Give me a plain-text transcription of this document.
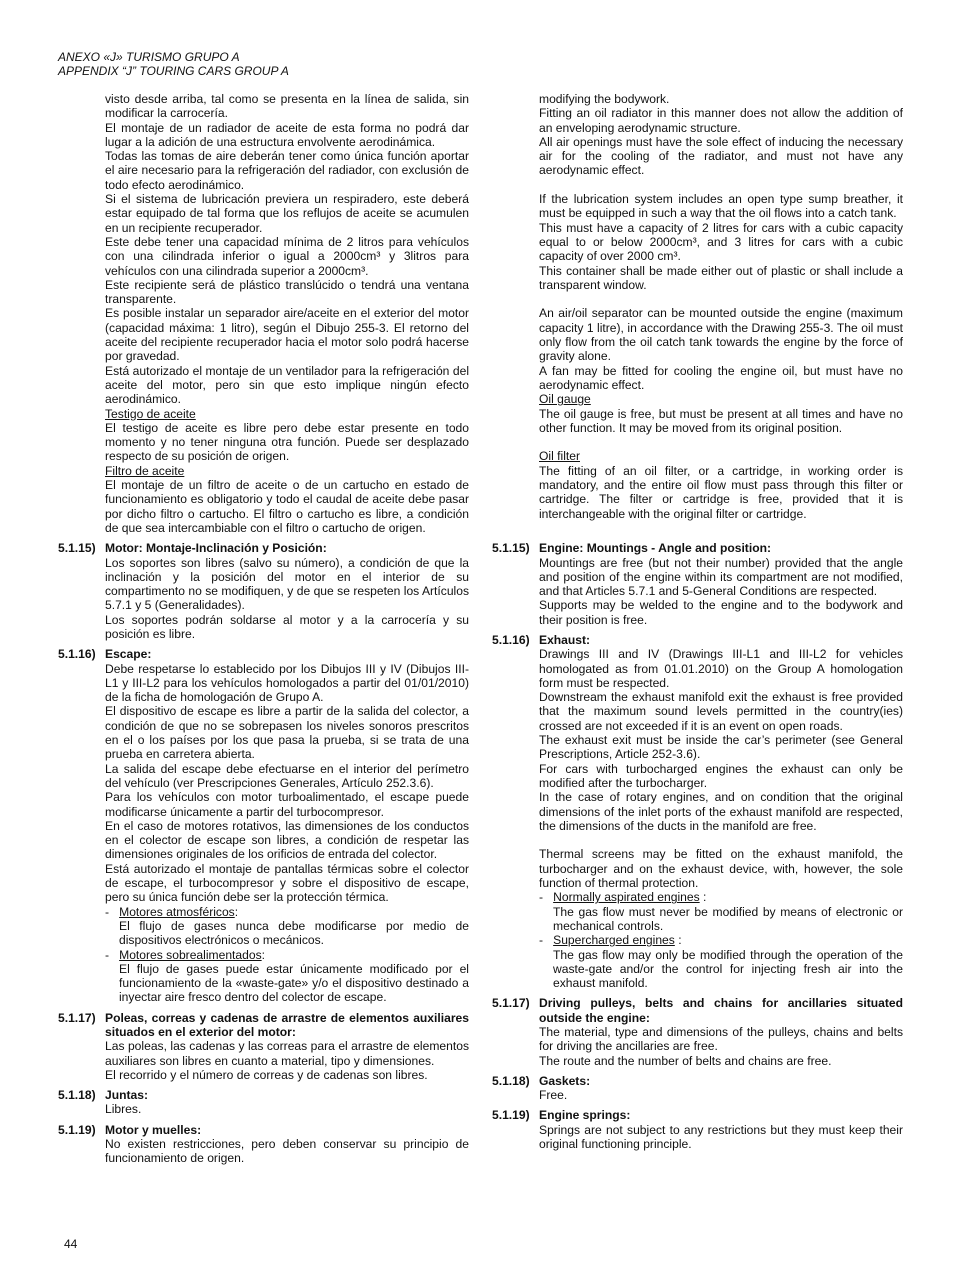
ANEXO «J» TURISMO GRUPO A
APPENDIX “J” TOURING CARS GROUP A

visto desde arriba, tal como se presenta en la línea de salida, sin modificar la carrocería.

El montaje de un radiador de aceite de esta forma no podrá dar lugar a la adición de una estructura envolvente aerodinámica.

Todas las tomas de aire deberán tener como única función aportar el aire necesario para la refrigeración del radiador, con exclusión de todo efecto aerodinámico.

Si el sistema de lubricación previera un respiradero, este deberá estar equipado de tal forma que los reflujos de aceite se acumulen en un recipiente recuperador.

Este debe tener una capacidad mínima de 2 litros para vehículos con una cilindrada inferior o igual a 2000cm³ y 3litros para vehículos con una cilindrada superior a 2000cm³.

Este recipiente será de plástico translúcido o tendrá una ventana transparente.

Es posible instalar un separador aire/aceite en el exterior del motor (capacidad máxima: 1 litro), según el Dibujo 255-3. El retorno del aceite del recipiente recuperador hacia el motor solo podrá hacerse por gravedad.

Está autorizado el montaje de un ventilador para la refrigeración del aceite del motor, pero sin que esto implique ningún efecto aerodinámico.

Testigo de aceite

El testigo de aceite es libre pero debe estar presente en todo momento y no tener ninguna otra función. Puede ser desplazado respecto de su posición de origen.

Filtro de aceite

El montaje de un filtro de aceite o de un cartucho en estado de funcionamiento es obligatorio y todo el caudal de aceite debe pasar por dicho filtro o cartucho. El filtro o cartucho es libre, a condición de que sea intercambiable con el filtro o cartucho de origen.

5.1.15) Motor: Montaje-Inclinación y Posición:

Los soportes son libres (salvo su número), a condición de que la inclinación y la posición del motor en el interior de su compartimento no se modifiquen, y de que se respeten los Artículos 5.7.1 y 5 (Generalidades).

Los soportes podrán soldarse al motor y a la carrocería y su posición es libre.

5.1.16) Escape:

Debe respetarse lo establecido por los Dibujos III y IV (Dibujos III-L1 y III-L2 para los vehículos homologados a partir del 01/01/2010) de la ficha de homologación de Grupo A.

El dispositivo de escape es libre a partir de la salida del colector, a condición de que no se sobrepasen los niveles sonoros prescritos en el o los países por los que pasa la prueba, si se trata de una prueba en carretera abierta.

La salida del escape debe efectuarse en el interior del perímetro del vehículo (ver Prescripciones Generales, Artículo 252.3.6).

Para los vehículos con motor turboalimentado, el escape puede modificarse únicamente a partir del turbocompresor.

En el caso de motores rotativos, las dimensiones de los conductos en el colector de escape son libres, a condición de respetar las dimensiones originales de los orificios de entrada del colector.

Está autorizado el montaje de pantallas térmicas sobre el colector de escape, el turbocompresor y sobre el dispositivo de escape, pero su única función debe ser la protección térmica.

- Motores atmosféricos:

El flujo de gases nunca debe modificarse por medio de dispositivos electrónicos o mecánicos.

- Motores sobrealimentados:

El flujo de gases puede estar únicamente modificado por el funcionamiento de la «waste-gate» y/o el dispositivo destinado a inyectar aire fresco dentro del colector de escape.

5.1.17) Poleas, correas y cadenas de arrastre de elementos auxiliares situados en el exterior del motor:

Las poleas, las cadenas y las correas para el arrastre de elementos auxiliares son libres en cuanto a material, tipo y dimensiones.

El recorrido y el número de correas y de cadenas son libres.

5.1.18) Juntas:

Libres.

5.1.19) Motor y muelles:

No existen restricciones, pero deben conservar su principio de funcionamiento de origen.

modifying the bodywork.

Fitting an oil radiator in this manner does not allow the addition of an enveloping aerodynamic structure.

All air openings must have the sole effect of inducing the necessary air for the cooling of the radiator, and must not have any aerodynamic effect.

If the lubrication system includes an open type sump breather, it must be equipped in such a way that the oil flows into a catch tank.

This must have a capacity of 2 litres for cars with a cubic capacity equal to or below 2000cm³, and 3 litres for cars with a cubic capacity of over 2000 cm³.

This container shall be made either out of plastic or shall include a transparent window.

An air/oil separator can be mounted outside the engine (maximum capacity 1 litre), in accordance with the Drawing 255-3. The oil must only flow from the oil catch tank towards the engine by the force of gravity alone.

A fan may be fitted for cooling the engine oil, but must have no aerodynamic effect.

Oil gauge

The oil gauge is free, but must be present at all times and have no other function. It may be moved from its original position.

Oil filter

The fitting of an oil filter, or a cartridge, in working order is mandatory, and the entire oil flow must pass through this filter or cartridge. The filter or cartridge is free, provided that it is interchangeable with the original filter or cartridge.

5.1.15) Engine: Mountings - Angle and position:

Mountings are free (but not their number) provided that the angle and position of the engine within its compartment are not modified, and that Articles 5.7.1 and 5-General Conditions are respected.

Supports may be welded to the engine and to the bodywork and their position is free.

5.1.16) Exhaust:

Drawings III and IV (Drawings III-L1 and III-L2 for vehicles homologated as from 01.01.2010) on the Group A homologation form must be respected.

Downstream the exhaust manifold exit the exhaust is free provided that the maximum sound levels permitted in the country(ies) crossed are not exceeded if it is an event on open roads.

The exhaust exit must be inside the car’s perimeter (see General Prescriptions, Article 252-3.6).

For cars with turbocharged engines the exhaust can only be modified after the turbocharger.

In the case of rotary engines, and on condition that the original dimensions of the inlet ports of the exhaust manifold are respected, the dimensions of the ducts in the manifold are free.

Thermal screens may be fitted on the exhaust manifold, the turbocharger and on the exhaust device, with, however, the sole function of thermal protection.

- Normally aspirated engines :

The gas flow must never be modified by means of electronic or mechanical controls.

- Supercharged engines :

The gas flow may only be modified through the operation of the waste-gate and/or the control for injecting fresh air into the exhaust manifold.

5.1.17) Driving pulleys, belts and chains for ancillaries situated outside the engine:

The material, type and dimensions of the pulleys, chains and belts for driving the ancillaries are free.

The route and the number of belts and chains are free.

5.1.18) Gaskets:

Free.

5.1.19) Engine springs:

Springs are not subject to any restrictions but they must keep their original functioning principle.

44
